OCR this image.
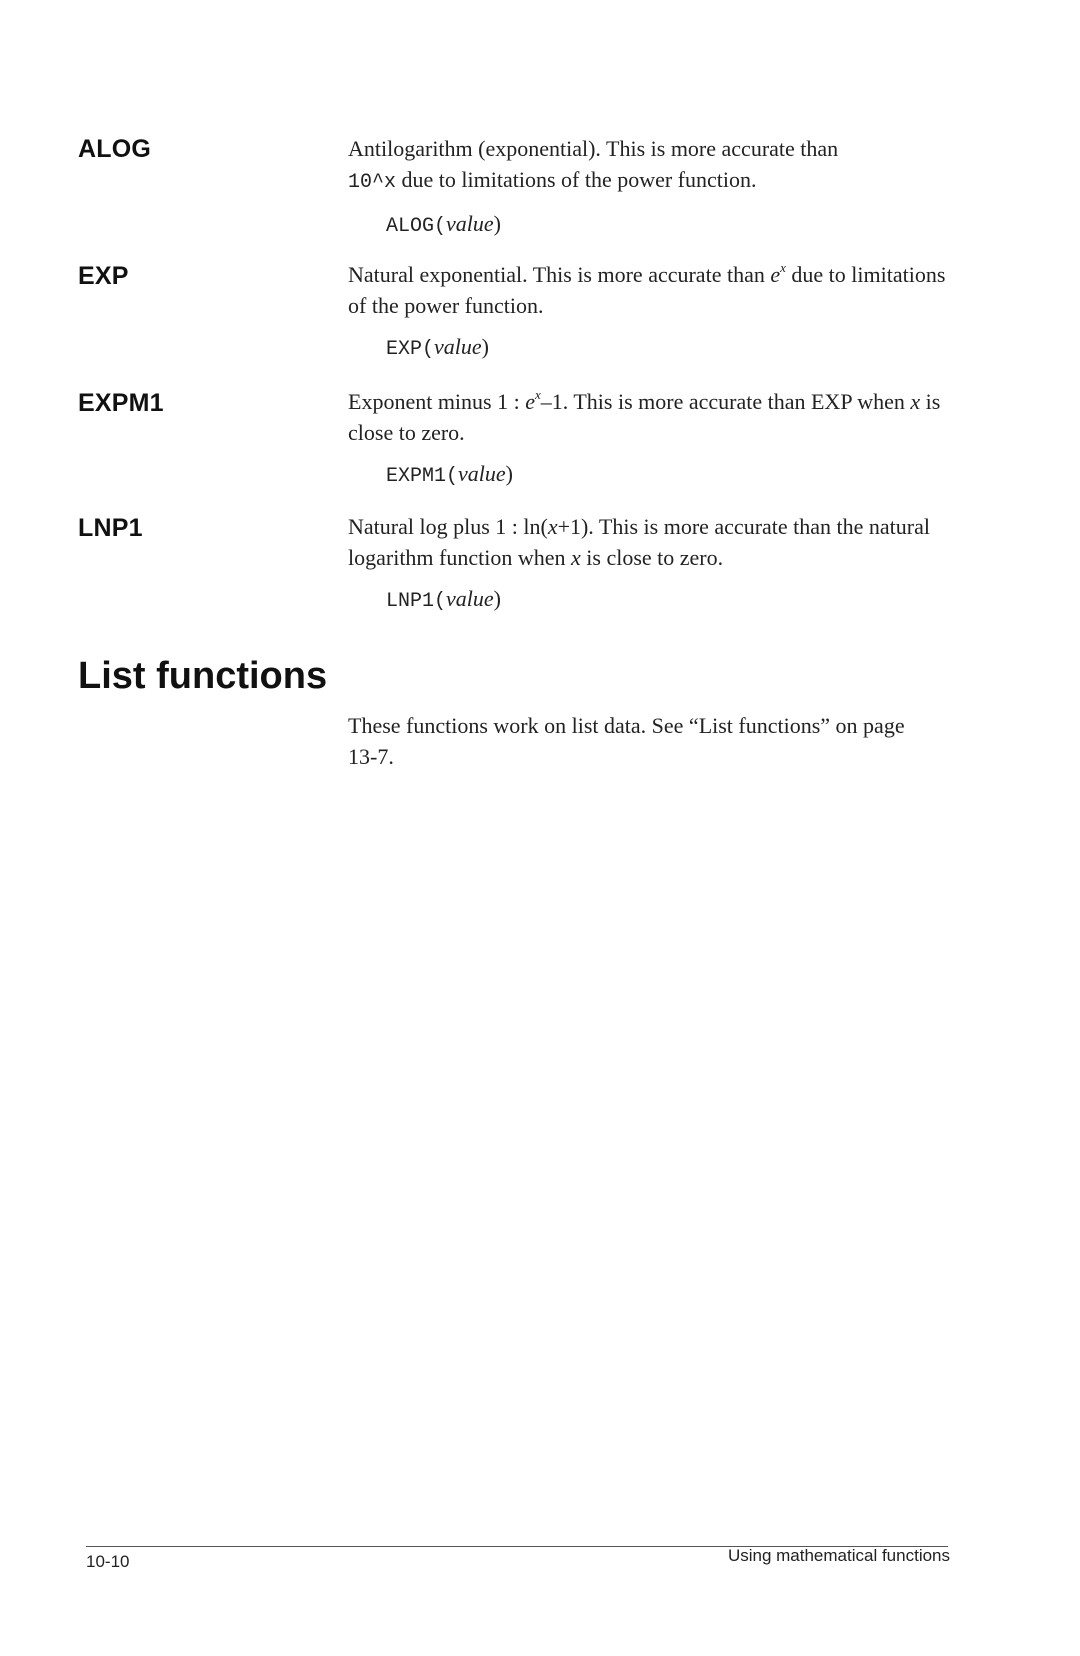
ALOG	Antilogarithm (exponential). This is more accurate than
10^x due to limitations of the power function.

ALOG(value)

EXP	Natural exponential. This is more accurate than $e^x$ due to limitations of the power function.

EXP(value)

EXPM1	Exponent minus 1 : $e^x-1$. This is more accurate than EXP when x is close to zero.

EXPM1(value)

LNP1	Natural log plus 1 : ln(x+1). This is more accurate than the natural logarithm function when x is close to zero.

LNP1(value)

List functions

These functions work on list data. See “List functions” on page 13-7.

10-10	Using mathematical functions
